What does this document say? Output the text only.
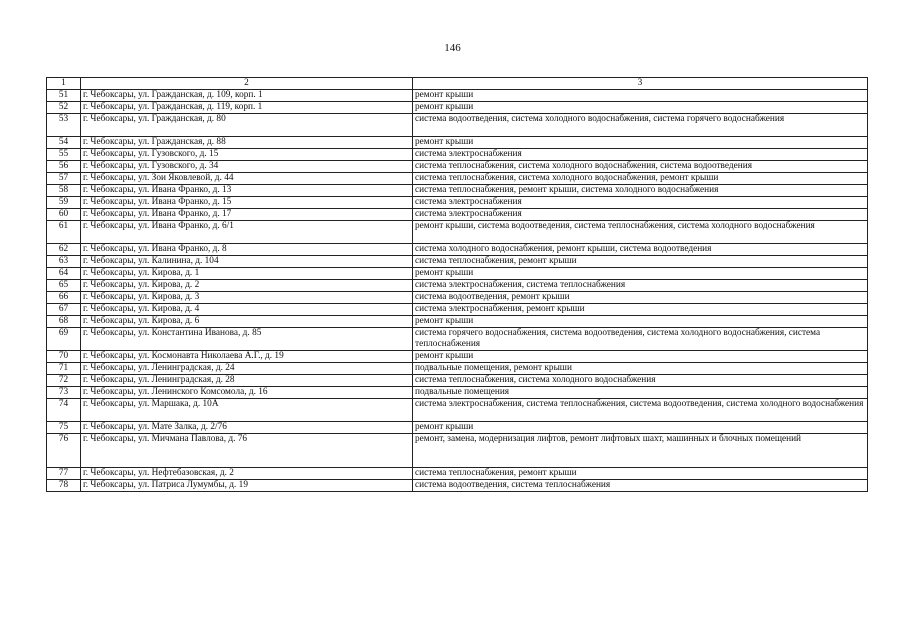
146
1	2	3
51	г. Чебоксары, ул. Гражданская, д. 109, корп. 1	ремонт крыши
52	г. Чебоксары, ул. Гражданская, д. 119, корп. 1	ремонт крыши
53	г. Чебоксары, ул. Гражданская, д. 80	система водоотведения, система холодного водоснабжения, система горячего водоснабжения
54	г. Чебоксары, ул. Гражданская, д. 88	ремонт крыши
55	г. Чебоксары, ул. Гузовского, д. 15	система электроснабжения
56	г. Чебоксары, ул. Гузовского, д. 34	система теплоснабжения, система холодного водоснабжения, система водоотведения
57	г. Чебоксары, ул. Зои Яковлевой, д. 44	система теплоснабжения, система холодного водоснабжения, ремонт крыши
58	г. Чебоксары, ул. Ивана Франко, д. 13	система теплоснабжения, ремонт крыши, система холодного водоснабжения
59	г. Чебоксары, ул. Ивана Франко, д. 15	система электроснабжения
60	г. Чебоксары, ул. Ивана Франко, д. 17	система электроснабжения
61	г. Чебоксары, ул. Ивана Франко, д. 6/1	ремонт крыши, система водоотведения, система теплоснабжения, система холодного водоснабжения
62	г. Чебоксары, ул. Ивана Франко, д. 8	система холодного водоснабжения, ремонт крыши, система водоотведения
63	г. Чебоксары, ул. Калинина, д. 104	система теплоснабжения, ремонт крыши
64	г. Чебоксары, ул. Кирова, д. 1	ремонт крыши
65	г. Чебоксары, ул. Кирова, д. 2	система электроснабжения, система теплоснабжения
66	г. Чебоксары, ул. Кирова, д. 3	система водоотведения, ремонт крыши
67	г. Чебоксары, ул. Кирова, д. 4	система электроснабжения, ремонт крыши
68	г. Чебоксары, ул. Кирова, д. 6	ремонт крыши
69	г. Чебоксары, ул. Константина Иванова, д. 85	система горячего водоснабжения, система водоотведения, система холодного водоснабжения, система теплоснабжения
70	г. Чебоксары, ул. Космонавта Николаева А.Г., д. 19	ремонт крыши
71	г. Чебоксары, ул. Ленинградская, д. 24	подвальные помещения, ремонт крыши
72	г. Чебоксары, ул. Ленинградская, д. 28	система теплоснабжения, система холодного водоснабжения
73	г. Чебоксары, ул. Ленинского Комсомола, д. 16	подвальные помещения
74	г. Чебоксары, ул. Маршака, д. 10А	система электроснабжения, система теплоснабжения, система водоотведения, система холодного водоснабжения
75	г. Чебоксары, ул. Мате Залка, д. 2/76	ремонт крыши
76	г. Чебоксары, ул. Мичмана Павлова, д. 76	ремонт, замена, модернизация лифтов, ремонт лифтовых шахт, машинных и блочных помещений
77	г. Чебоксары, ул. Нефтебазовская, д. 2	система теплоснабжения, ремонт крыши
78	г. Чебоксары, ул. Патриса Лумумбы, д. 19	система водоотведения, система теплоснабжения
